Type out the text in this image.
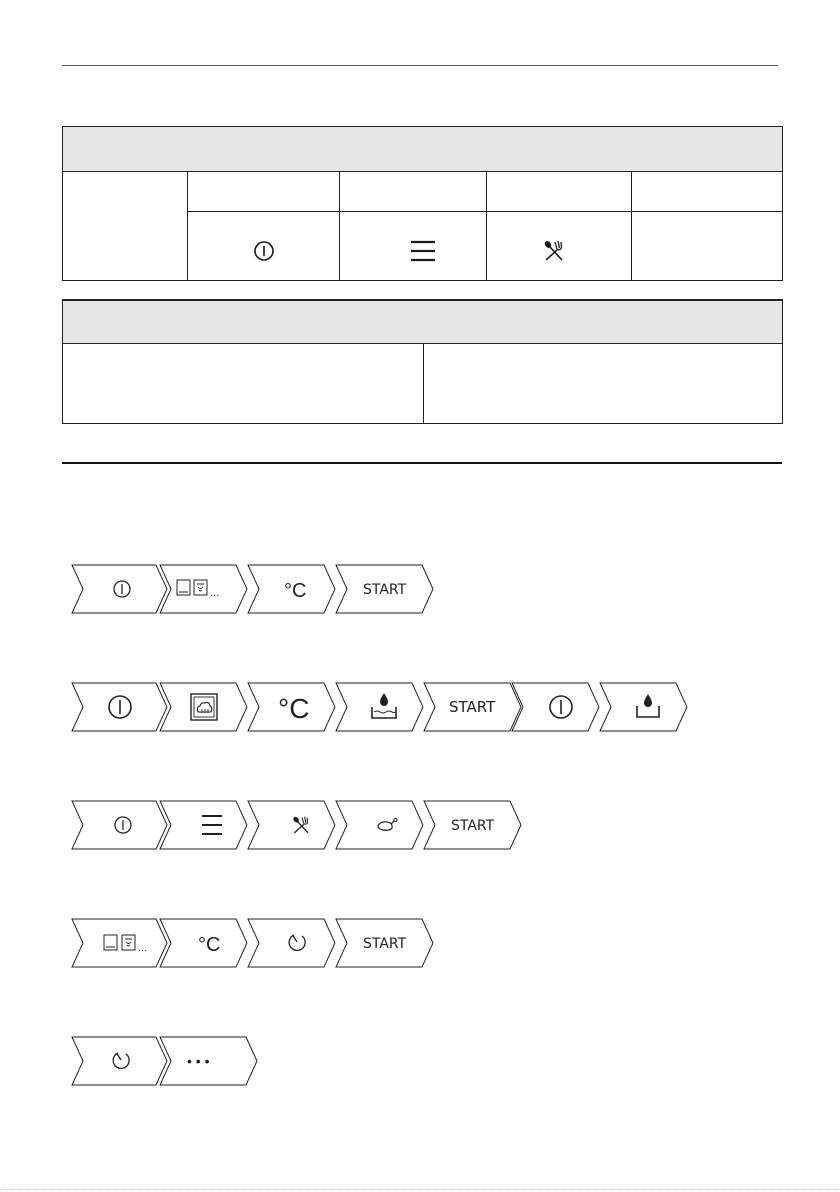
...	°C	START
°C	START
START
...	°C	START
• • •
